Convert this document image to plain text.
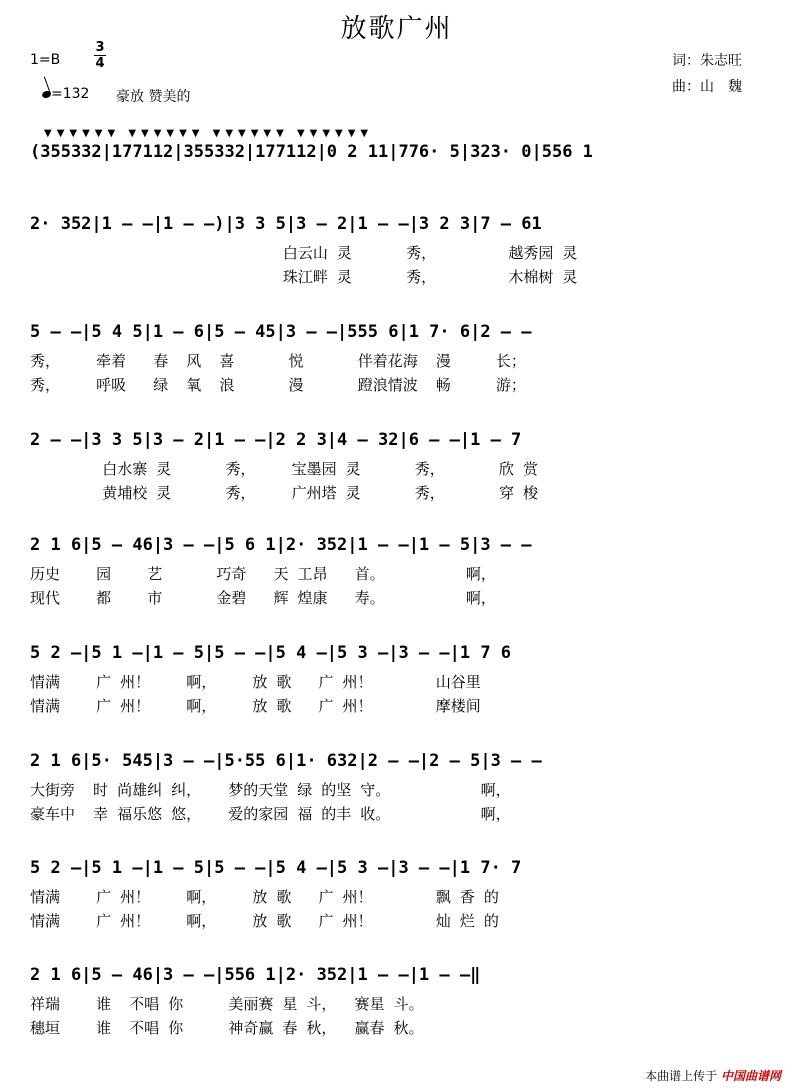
放歌广州
1=B
3
4
=132 豪放 赞美的
词：朱志旺
曲：山　魏
▼▼▼▼▼▼ ▼▼▼▼▼▼ ▼▼▼▼▼▼ ▼▼▼▼▼▼
(355332|177112|355332|177112|0 2 11|776· 5|323· 0|556 1
2· 352|1 – –|1 – –)|3 3 5|3 – 2|1 – –|3 2 3|7 – 61
白云山 灵      秀，        越秀园 灵
珠江畔 灵      秀，        木棉树 灵
5 – –|5 4 5|1 – 6|5 – 45|3 – –|555 6|1 7· 6|2 – –
秀，    牵着   春  风  喜      悦      伴着花海  漫     长；
秀，    呼吸   绿  氧  浪      漫      蹬浪情波  畅     游；
2 – –|3 3 5|3 – 2|1 – –|2 2 3|4 – 32|6 – –|1 – 7
白水寨 灵      秀，    宝墨园 灵      秀，      欣 赏
黄埔校 灵      秀，    广州塔 灵      秀，      穿 梭
2 1 6|5 – 46|3 – –|5 6 1|2· 352|1 – –|1 – 5|3 – –
历史    园    艺      巧奇   天 工昂   首。         啊，
现代    都    市      金碧   辉 煌康   寿。         啊，
5 2 –|5 1 –|1 – 5|5 – –|5 4 –|5 3 –|3 – –|1 7 6
情满    广 州！    啊，    放 歌   广 州！       山谷里
情满    广 州！    啊，    放 歌   广 州！       摩楼间
2 1 6|5· 545|3 – –|5·55 6|1· 632|2 – –|2 – 5|3 – –
大街旁  时 尚雄纠 纠，   梦的天堂 绿 的坚 守。          啊，
豪车中  幸 福乐悠 悠，   爱的家园 福 的丰 收。          啊，
5 2 –|5 1 –|1 – 5|5 – –|5 4 –|5 3 –|3 – –|1 7· 7
情满    广 州！    啊，    放 歌   广 州！       飘 香 的
情满    广 州！    啊，    放 歌   广 州！       灿 烂 的
2 1 6|5 – 46|3 – –|556 1|2· 352|1 – –|1 – –‖
祥瑞    谁  不唱 你     美丽赛 星 斗，  赛星 斗。
穗垣    谁  不唱 你     神奇赢 春 秋，  赢春 秋。
本曲谱上传于 中国曲谱网
